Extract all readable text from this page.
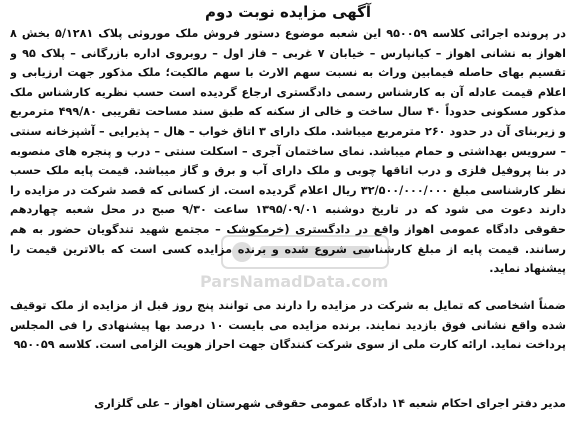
آگهی مزایده نوبت دوم

در پرونده اجرائی کلاسه ۹۵۰۰۵۹ این شعبه موضوع دستور فروش ملک موروثی پلاک ۵/۱۲۸۱ بخش ۸ اهواز به نشانی اهواز – کیانپارس – خیابان ۷ غربی – فاز اول – روبروی اداره بازرگانی – پلاک ۹۵ و تقسیم بهای حاصله فیمابین وراث به نسبت سهم الارث با سهم مالکیت؛ ملک مذکور جهت ارزیابی و اعلام قیمت عادله آن به کارشناس رسمی دادگستری ارجاع گردیده است حسب نظریه کارشناس ملک مذکور مسکونی حدوداً ۴۰ سال ساخت و خالی از سکنه که طبق سند مساحت تقریبی ۴۹۹/۸۰ مترمربع و زیربنای آن در حدود ۲۶۰ مترمربع میباشد. ملک دارای ۳ اتاق خواب – هال – پذیرایی – آشپزخانه سنتی – سرویس بهداشتی و حمام میباشد. نمای ساختمان آجری – اسکلت سنتی – درب و پنجره های منصوبه در بنا پروفیل فلزی و درب اتاقها چوبی و ملک دارای آب و برق و گاز میباشد. قیمت پایه ملک حسب نظر کارشناسی مبلغ ۳۲/۵۰۰/۰۰۰/۰۰۰ ریال اعلام گردیده است. از کسانی که قصد شرکت در مزایده را دارند دعوت می شود که در تاریخ دوشنبه ۱۳۹۵/۰۹/۰۱ ساعت ۹/۳۰ صبح در محل شعبه چهاردهم حقوقی دادگاه عمومی اهواز واقع در دادگستری (خرمکوشک – مجتمع شهید تندگویان حضور به هم رسانند. قیمت پایه از مبلغ کارشناسی شروع شده و برنده مزایده کسی است که بالاترین قیمت را پیشنهاد نماید.

ضمناً اشخاصی که تمایل به شرکت در مزایده را دارند می توانند پنج روز قبل از مزایده از ملک توقیف شده واقع نشانی فوق بازدید نمایند. برنده مزایده می بایست ۱۰ درصد بها پیشنهادی را فی المجلس پرداخت نماید. ارائه کارت ملی از سوی شرکت کنندگان جهت احراز هویت الزامی است. کلاسه ۹۵۰۰۵۹

مدیر دفتر اجرای احکام شعبه ۱۴ دادگاه عمومی حقوقی شهرستان اهواز – علی گلزاری

ParsNamadData.com
